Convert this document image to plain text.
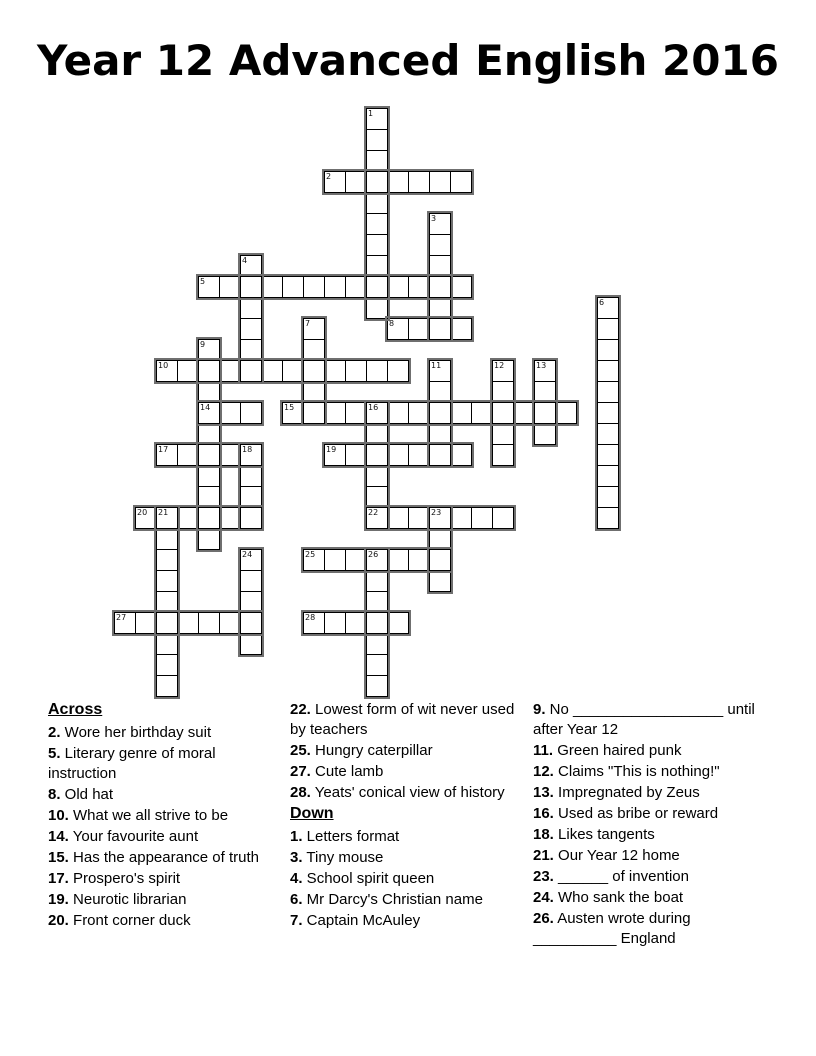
Year 12 Advanced English 2016
2
5
8
10
14	15
17	19
20	22
25
27	28
1
3
4
6
7
9
11	12	13
16
18
21	23
24	26
Across
2. Wore her birthday suit
5. Literary genre of moral instruction
8. Old hat
10. What we all strive to be
14. Your favourite aunt
15. Has the appearance of truth
17. Prospero's spirit
19. Neurotic librarian
20. Front corner duck
22. Lowest form of wit never used by teachers
25. Hungry caterpillar
27. Cute lamb
28. Yeats' conical view of history
Down
1. Letters format
3. Tiny mouse
4. School spirit queen
6. Mr Darcy's Christian name
7. Captain McAuley
9. No __________________ until after Year 12
11. Green haired punk
12. Claims "This is nothing!"
13. Impregnated by Zeus
16. Used as bribe or reward
18. Likes tangents
21. Our Year 12 home
23. ______ of invention
24. Who sank the boat
26. Austen wrote during __________ England
